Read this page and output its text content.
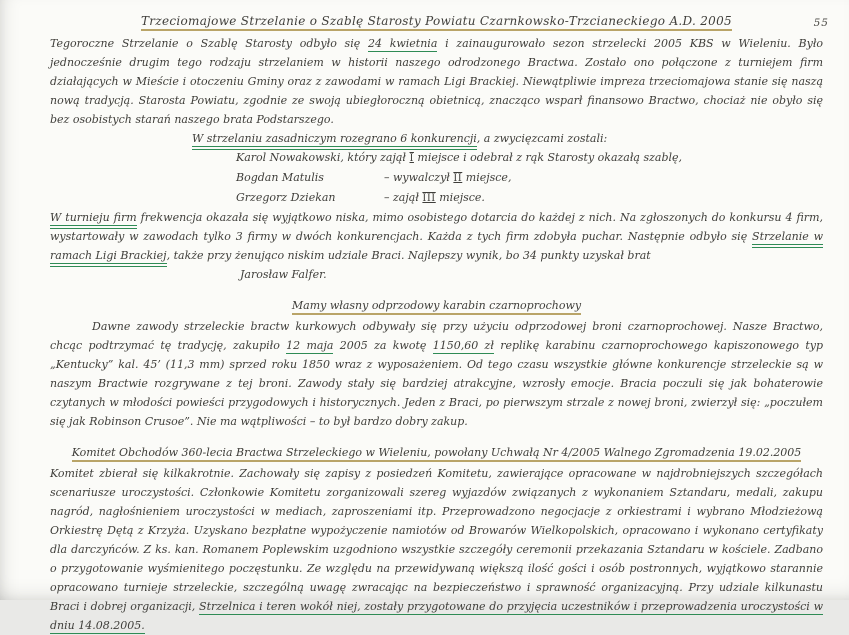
55
Trzeciomajowe Strzelanie o Szablę Starosty Powiatu Czarnkowsko-Trzcianeckiego A.D. 2005
Tegoroczne Strzelanie o Szablę Starosty odbyło się 24 kwietnia i zainaugurowało sezon strzelecki 2005 KBS w Wieleniu. Było jednocześnie drugim tego rodzaju strzelaniem w historii naszego odrodzonego Bractwa. Zostało ono połączone z turniejem firm działających w Mieście i otoczeniu Gminy oraz z zawodami w ramach Ligi Brackiej. Niewątpliwie impreza trzeciomajowa stanie się naszą nową tradycją. Starosta Powiatu, zgodnie ze swoją ubiegłoroczną obietnicą, znacząco wsparł finansowo Bractwo, chociaż nie obyło się bez osobistych starań naszego brata Podstarszego.
W strzelaniu zasadniczym rozegrano 6 konkurencji, a zwycięzcami zostali:
Karol Nowakowski, który zajął I miejsce i odebrał z rąk Starosty okazałą szablę,
Bogdan Matulis	– wywalczył II miejsce,
Grzegorz Dziekan	– zajął III miejsce.
W turnieju firm frekwencja okazała się wyjątkowo niska, mimo osobistego dotarcia do każdej z nich. Na zgłoszonych do konkursu 4 firm, wystartowały w zawodach tylko 3 firmy w dwóch konkurencjach. Każda z tych firm zdobyła puchar. Następnie odbyło się Strzelanie w ramach Ligi Brackiej, także przy żenująco niskim udziale Braci. Najlepszy wynik, bo 34 punkty uzyskał brat
Jarosław Falfer.
Mamy własny odprzodowy karabin czarnoprochowy
Dawne zawody strzeleckie bractw kurkowych odbywały się przy użyciu odprzodowej broni czarnoprochowej. Nasze Bractwo, chcąc podtrzymać tę tradycję, zakupiło 12 maja 2005 za kwotę 1150,60 zł replikę karabinu czarnoprochowego kapiszonowego typ „Kentucky” kal. 45’ (11,3 mm) sprzed roku 1850 wraz z wyposażeniem. Od tego czasu wszystkie główne konkurencje strzeleckie są w naszym Bractwie rozgrywane z tej broni. Zawody stały się bardziej atrakcyjne, wzrosły emocje. Bracia poczuli się jak bohaterowie czytanych w młodości powieści przygodowych i historycznych. Jeden z Braci, po pierwszym strzale z nowej broni, zwierzył się: „poczułem się jak Robinson Crusoe”. Nie ma wątpliwości – to był bardzo dobry zakup.
Komitet Obchodów 360-lecia Bractwa Strzeleckiego w Wieleniu, powołany Uchwałą Nr 4/2005 Walnego Zgromadzenia 19.02.2005
Komitet zbierał się kilkakrotnie. Zachowały się zapisy z posiedzeń Komitetu, zawierające opracowane w najdrobniejszych szczegółach scenariusze uroczystości. Członkowie Komitetu zorganizowali szereg wyjazdów związanych z wykonaniem Sztandaru, medali, zakupu nagród, nagłośnieniem uroczystości w mediach, zaproszeniami itp. Przeprowadzono negocjacje z orkiestrami i wybrano Młodzieżową Orkiestrę Dętą z Krzyża. Uzyskano bezpłatne wypożyczenie namiotów od Browarów Wielkopolskich, opracowano i wykonano certyfikaty dla darczyńców. Z ks. kan. Romanem Poplewskim uzgodniono wszystkie szczegóły ceremonii przekazania Sztandaru w kościele. Zadbano o przygotowanie wyśmienitego poczęstunku. Ze względu na przewidywaną większą ilość gości i osób postronnych, wyjątkowo starannie opracowano turnieje strzeleckie, szczególną uwagę zwracając na bezpieczeństwo i sprawność organizacyjną. Przy udziale kilkunastu Braci i dobrej organizacji, Strzelnica i teren wokół niej, zostały przygotowane do przyjęcia uczestników i przeprowadzenia uroczystości w dniu 14.08.2005.
